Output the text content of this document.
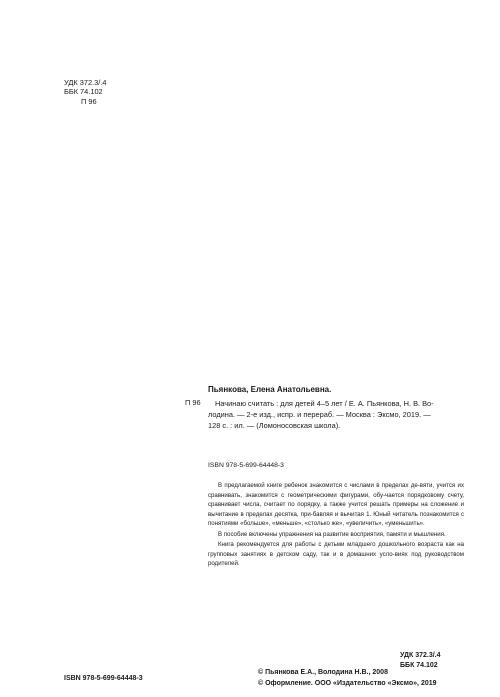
УДК 372.3/.4
ББК 74.102
П 96
Пьянкова, Елена Анатольевна.
П 96	Начинаю считать : для детей 4–5 лет / Е. А. Пьянкова, Н. В. Во-
лодина. — 2-е изд., испр. и перераб. — Москва : Эксмо, 2019. —
128 с. : ил. — (Ломоносовская школа).
ISBN 978-5-699-64448-3

В предлагаемой книге ребенок знакомится с числами в пределах де-вяти, учится их сравнивать, знакомится с геометрическими фигурами, обу-чается порядковому счету, сравнивает числа, считает по порядку, а также учится решать примеры на сложение и вычитание в пределах десятка, при-бавляя и вычитая 1. Юный читатель познакомится с понятиями «больше», «меньше», «столько же», «увеличить», «уменьшить».

В пособие включены упражнения на развитие восприятия, памяти и мышления.

Книга рекомендуется для работы с детьми младшего дошкольного возраста как на групповых занятиях в детском саду, так и в домашних усло-виях под руководством родителей.

УДК 372.3/.4
ББК 74.102
ISBN 978-5-699-64448-3
© Пьянкова Е.А., Володина Н.В., 2008
© Оформление. ООО «Издательство «Эксмо», 2019
